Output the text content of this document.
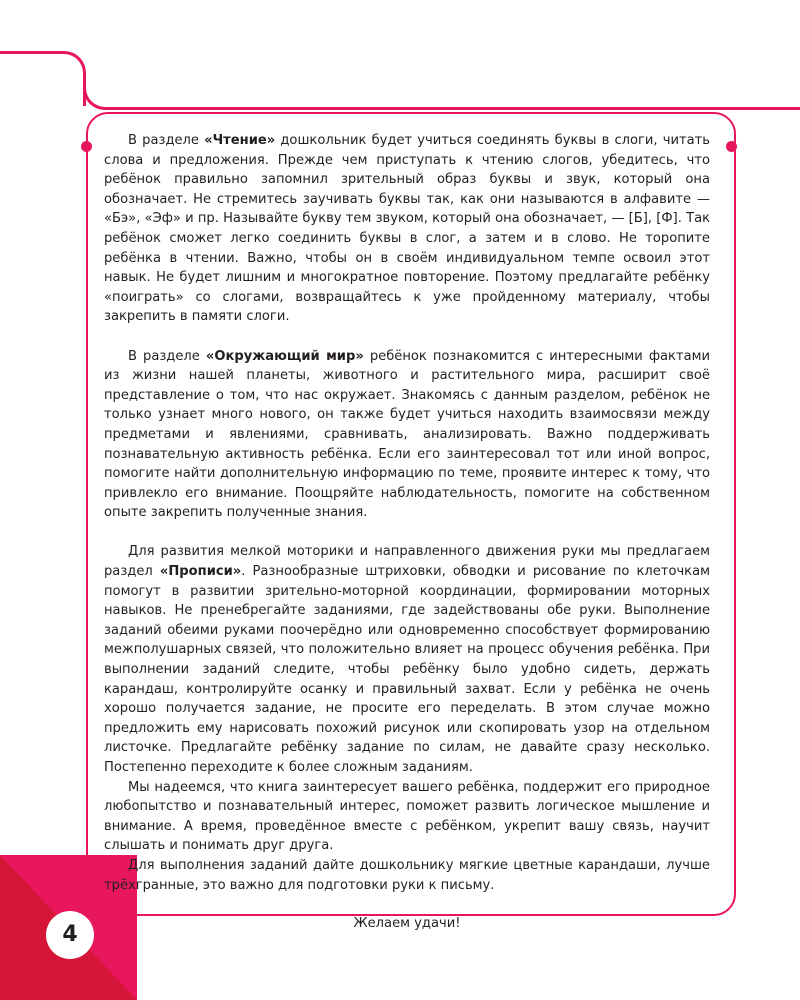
4

В разделе «Чтение» дошкольник будет учиться соединять буквы в слоги, читать слова и предложения. Прежде чем приступать к чтению слогов, убедитесь, что ребёнок правильно запомнил зрительный образ буквы и звук, который она обозначает. Не стремитесь заучивать буквы так, как они называются в алфавите — «Бэ», «Эф» и пр. Называйте букву тем звуком, который она обозначает, — [Б], [Ф]. Так ребёнок сможет легко соединить буквы в слог, а затем и в слово. Не торопите ребёнка в чтении. Важно, чтобы он в своём индивидуальном темпе освоил этот навык. Не будет лишним и многократное повторение. Поэтому предлагайте ребёнку «поиграть» со слогами, возвращайтесь к уже пройденному материалу, чтобы закрепить в памяти слоги.

В разделе «Окружающий мир» ребёнок познакомится с интересными фактами из жизни нашей планеты, животного и растительного мира, расширит своё представление о том, что нас окружает. Знакомясь с данным разделом, ребёнок не только узнает много нового, он также будет учиться находить взаимосвязи между предметами и явлениями, сравнивать, анализировать. Важно поддерживать познавательную активность ребёнка. Если его заинтересовал тот или иной вопрос, помогите найти дополнительную информацию по теме, проявите интерес к тому, что привлекло его внимание. Поощряйте наблюдательность, помогите на собственном опыте закрепить полученные знания.

Для развития мелкой моторики и направленного движения руки мы предлагаем раздел «Прописи». Разнообразные штриховки, обводки и рисование по клеточкам помогут в развитии зрительно-моторной координации, формировании моторных навыков. Не пренебрегайте заданиями, где задействованы обе руки. Выполнение заданий обеими руками поочерёдно или одновременно способствует формированию межполушарных связей, что положительно влияет на процесс обучения ребёнка. При выполнении заданий следите, чтобы ребёнку было удобно сидеть, держать карандаш, контролируйте осанку и правильный захват. Если у ребёнка не очень хорошо получается задание, не просите его переделать. В этом случае можно предложить ему нарисовать похожий рисунок или скопировать узор на отдельном листочке. Предлагайте ребёнку задание по силам, не давайте сразу несколько. Постепенно переходите к более сложным заданиям.

Мы надеемся, что книга заинтересует вашего ребёнка, поддержит его природное любопытство и познавательный интерес, поможет развить логическое мышление и внимание. А время, проведённое вместе с ребёнком, укрепит вашу связь, научит слышать и понимать друг друга.

Для выполнения заданий дайте дошкольнику мягкие цветные карандаши, лучше трёхгранные, это важно для подготовки руки к письму.

Желаем удачи!
